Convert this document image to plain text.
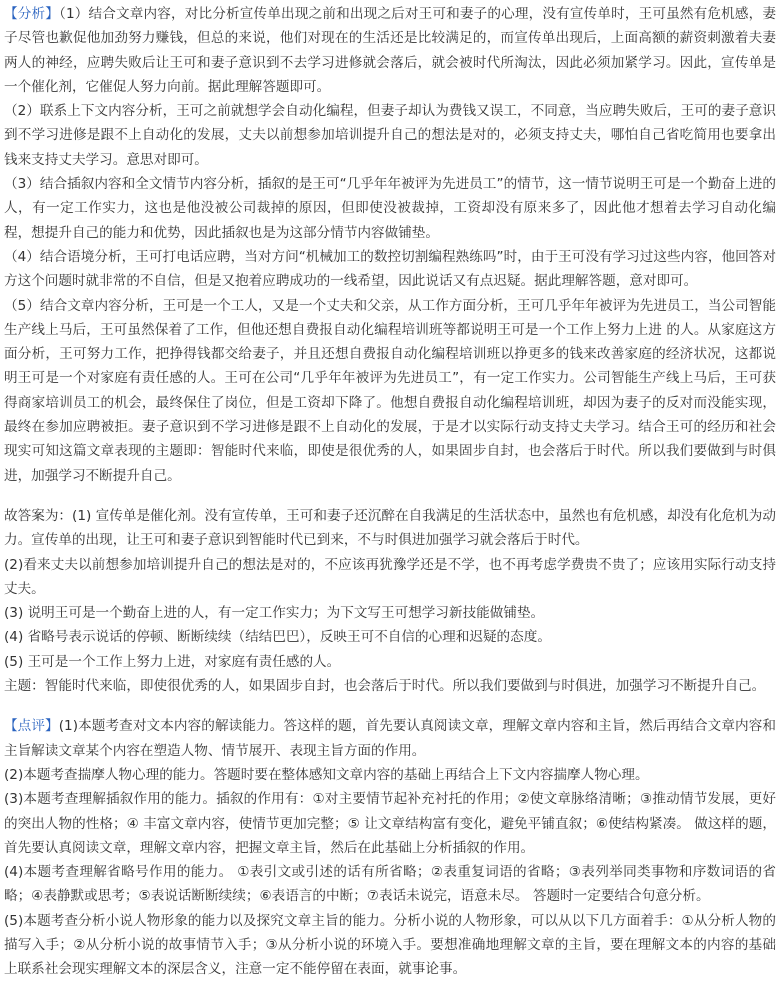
【分析】（1）结合文章内容，对比分析宣传单出现之前和出现之后对王可和妻子的心理，没有宣传单时，王可虽然有危机感，妻子尽管也歉促他加劲努力赚钱，但总的来说，他们对现在的生活还是比较满足的，而宣传单出现后，上面高额的薪资刺激着夫妻两人的神经，应聘失败后让王可和妻子意识到不去学习进修就会落后，就会被时代所淘汰，因此必须加紧学习。因此，宣传单是一个催化剂，它催促人努力向前。据此理解答题即可。

（2）联系上下文内容分析，王可之前就想学会自动化编程，但妻子却认为费钱又误工，不同意，当应聘失败后，王可的妻子意识到不学习进修是跟不上自动化的发展，丈夫以前想参加培训提升自己的想法是对的，必须支持丈夫，哪怕自己省吃简用也要拿出钱来支持丈夫学习。意思对即可。

（3）结合插叙内容和全文情节内容分析，插叙的是王可“几乎年年被评为先进员工”的情节，这一情节说明王可是一个勤奋上进的人，有一定工作实力，这也是他没被公司裁掉的原因，但即使没被裁掉，工资却没有原来多了，因此他才想着去学习自动化编程，想提升自己的能力和优势，因此插叙也是为这部分情节内容做铺垫。

（4）结合语境分析，王可打电话应聘，当对方问“机械加工的数控切割编程熟练吗”时，由于王可没有学习过这些内容，他回答对方这个问题时就非常的不自信，但是又抱着应聘成功的一线希望，因此说话又有点迟疑。据此理解答题，意对即可。

（5）结合文章内容分析，王可是一个工人，又是一个丈夫和父亲，从工作方面分析，王可几乎年年被评为先进员工，当公司智能生产线上马后，王可虽然保着了工作，但他还想自费报自动化编程培训班等都说明王可是一个工作上努力上进 的人。从家庭这方面分析，王可努力工作，把挣得钱都交给妻子，并且还想自费报自动化编程培训班以挣更多的钱来改善家庭的经济状况，这都说明王可是一个对家庭有责任感的人。王可在公司“几乎年年被评为先进员工”，有一定工作实力。公司智能生产线上马后，王可获得商家培训员工的机会，最终保住了岗位，但是工资却下降了。他想自费报自动化编程培训班，却因为妻子的反对而没能实现，最终在参加应聘被拒。妻子意识到不学习进修是跟不上自动化的发展，于是才以实际行动支持丈夫学习。结合王可的经历和社会现实可知这篇文章表现的主题即：智能时代来临，即使是很优秀的人，如果固步自封，也会落后于时代。所以我们要做到与时俱进，加强学习不断提升自己。

故答案为：(1) 宣传单是催化剂。没有宣传单，王可和妻子还沉醉在自我满足的生活状态中，虽然也有危机感，却没有化危机为动力。宣传单的出现，让王可和妻子意识到智能时代已到来，不与时俱进加强学习就会落后于时代。

(2)看来丈夫以前想参加培训提升自己的想法是对的，不应该再犹豫学还是不学，也不再考虑学费贵不贵了；应该用实际行动支持丈夫。

(3) 说明王可是一个勤奋上进的人，有一定工作实力；为下文写王可想学习新技能做铺垫。

(4) 省略号表示说话的停顿、断断续续（结结巴巴），反映王可不自信的心理和迟疑的态度。

(5) 王可是一个工作上努力上进，对家庭有责任感的人。

主题：智能时代来临，即使很优秀的人，如果固步自封，也会落后于时代。所以我们要做到与时俱进，加强学习不断提升自己。

【点评】(1)本题考查对文本内容的解读能力。答这样的题，首先要认真阅读文章，理解文章内容和主旨，然后再结合文章内容和主旨解读文章某个内容在塑造人物、情节展开、表现主旨方面的作用。

(2)本题考查揣摩人物心理的能力。答题时要在整体感知文章内容的基础上再结合上下文内容揣摩人物心理。

(3)本题考查理解插叙作用的能力。插叙的作用有：①对主要情节起补充衬托的作用；②使文章脉络清晰；③推动情节发展，更好的突出人物的性格；④ 丰富文章内容，使情节更加完整；⑤ 让文章结构富有变化，避免平铺直叙；⑥使结构紧凑。 做这样的题，首先要认真阅读文章，理解文章内容，把握文章主旨，然后在此基础上分析插叙的作用。

(4)本题考查理解省略号作用的能力。 ①表引文或引述的话有所省略；②表重复词语的省略；③表列举同类事物和序数词语的省略；④表静默或思考；⑤表说话断断续续；⑥表语言的中断；⑦表话未说完，语意未尽。 答题时一定要结合句意分析。

(5)本题考查分析小说人物形象的能力以及探究文章主旨的能力。分析小说的人物形象，可以从以下几方面着手：①从分析人物的描写入手；②从分析小说的故事情节入手；③从分析小说的环境入手。要想准确地理解文章的主旨，要在理解文本的内容的基础上联系社会现实理解文本的深层含义，注意一定不能停留在表面，就事论事。
